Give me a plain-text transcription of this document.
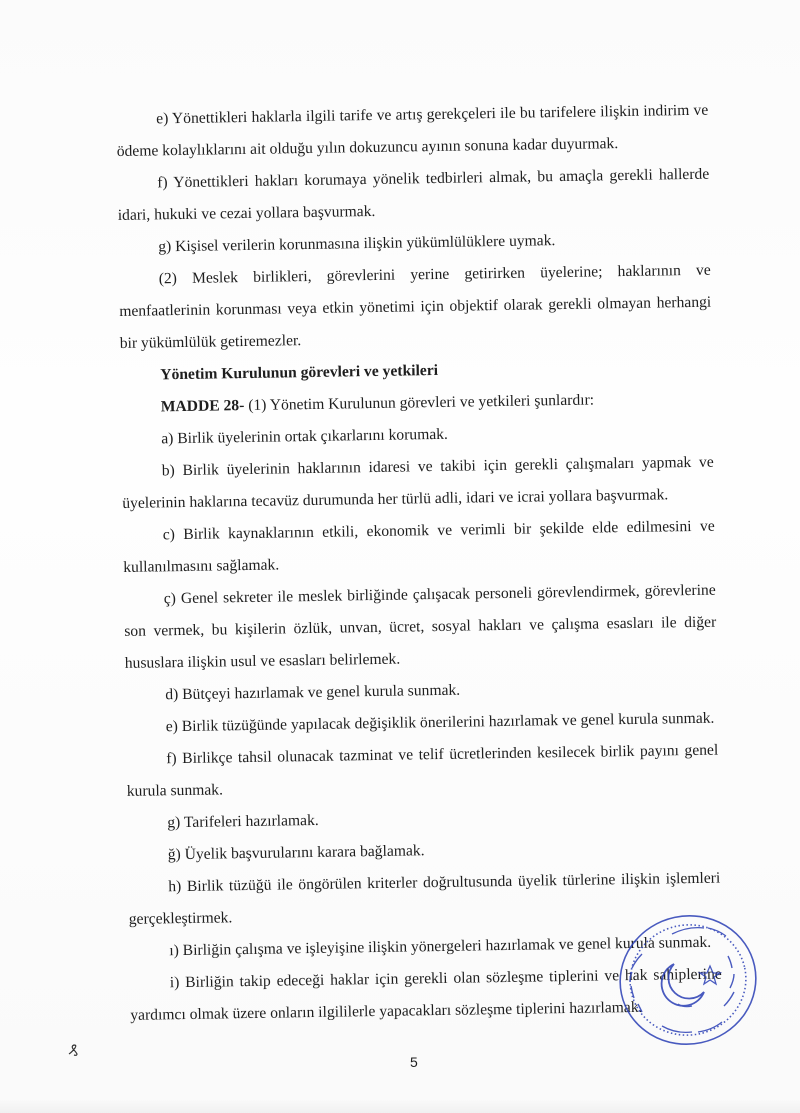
e) Yönettikleri haklarla ilgili tarife ve artış gerekçeleri ile bu tarifelere ilişkin indirim ve ödeme kolaylıklarını ait olduğu yılın dokuzuncu ayının sonuna kadar duyurmak.

f) Yönettikleri hakları korumaya yönelik tedbirleri almak, bu amaçla gerekli hallerde idari, hukuki ve cezai yollara başvurmak.

g) Kişisel verilerin korunmasına ilişkin yükümlülüklere uymak.

(2) Meslek birlikleri, görevlerini yerine getirirken üyelerine; haklarının ve menfaatlerinin korunması veya etkin yönetimi için objektif olarak gerekli olmayan herhangi bir yükümlülük getiremezler.

Yönetim Kurulunun görevleri ve yetkileri

MADDE 28- (1) Yönetim Kurulunun görevleri ve yetkileri şunlardır:

a) Birlik üyelerinin ortak çıkarlarını korumak.

b) Birlik üyelerinin haklarının idaresi ve takibi için gerekli çalışmaları yapmak ve üyelerinin haklarına tecavüz durumunda her türlü adli, idari ve icrai yollara başvurmak.

c) Birlik kaynaklarının etkili, ekonomik ve verimli bir şekilde elde edilmesini ve kullanılmasını sağlamak.

ç) Genel sekreter ile meslek birliğinde çalışacak personeli görevlendirmek, görevlerine son vermek, bu kişilerin özlük, unvan, ücret, sosyal hakları ve çalışma esasları ile diğer hususlara ilişkin usul ve esasları belirlemek.

d) Bütçeyi hazırlamak ve genel kurula sunmak.

e) Birlik tüzüğünde yapılacak değişiklik önerilerini hazırlamak ve genel kurula sunmak.

f) Birlikçe tahsil olunacak tazminat ve telif ücretlerinden kesilecek birlik payını genel kurula sunmak.

g) Tarifeleri hazırlamak.

ğ) Üyelik başvurularını karara bağlamak.

h) Birlik tüzüğü ile öngörülen kriterler doğrultusunda üyelik türlerine ilişkin işlemleri gerçekleştirmek.

ı) Birliğin çalışma ve işleyişine ilişkin yönergeleri hazırlamak ve genel kurula sunmak.

i) Birliğin takip edeceği haklar için gerekli olan sözleşme tiplerini ve hak sahiplerine yardımcı olmak üzere onların ilgililerle yapacakları sözleşme tiplerini hazırlamak.

5
